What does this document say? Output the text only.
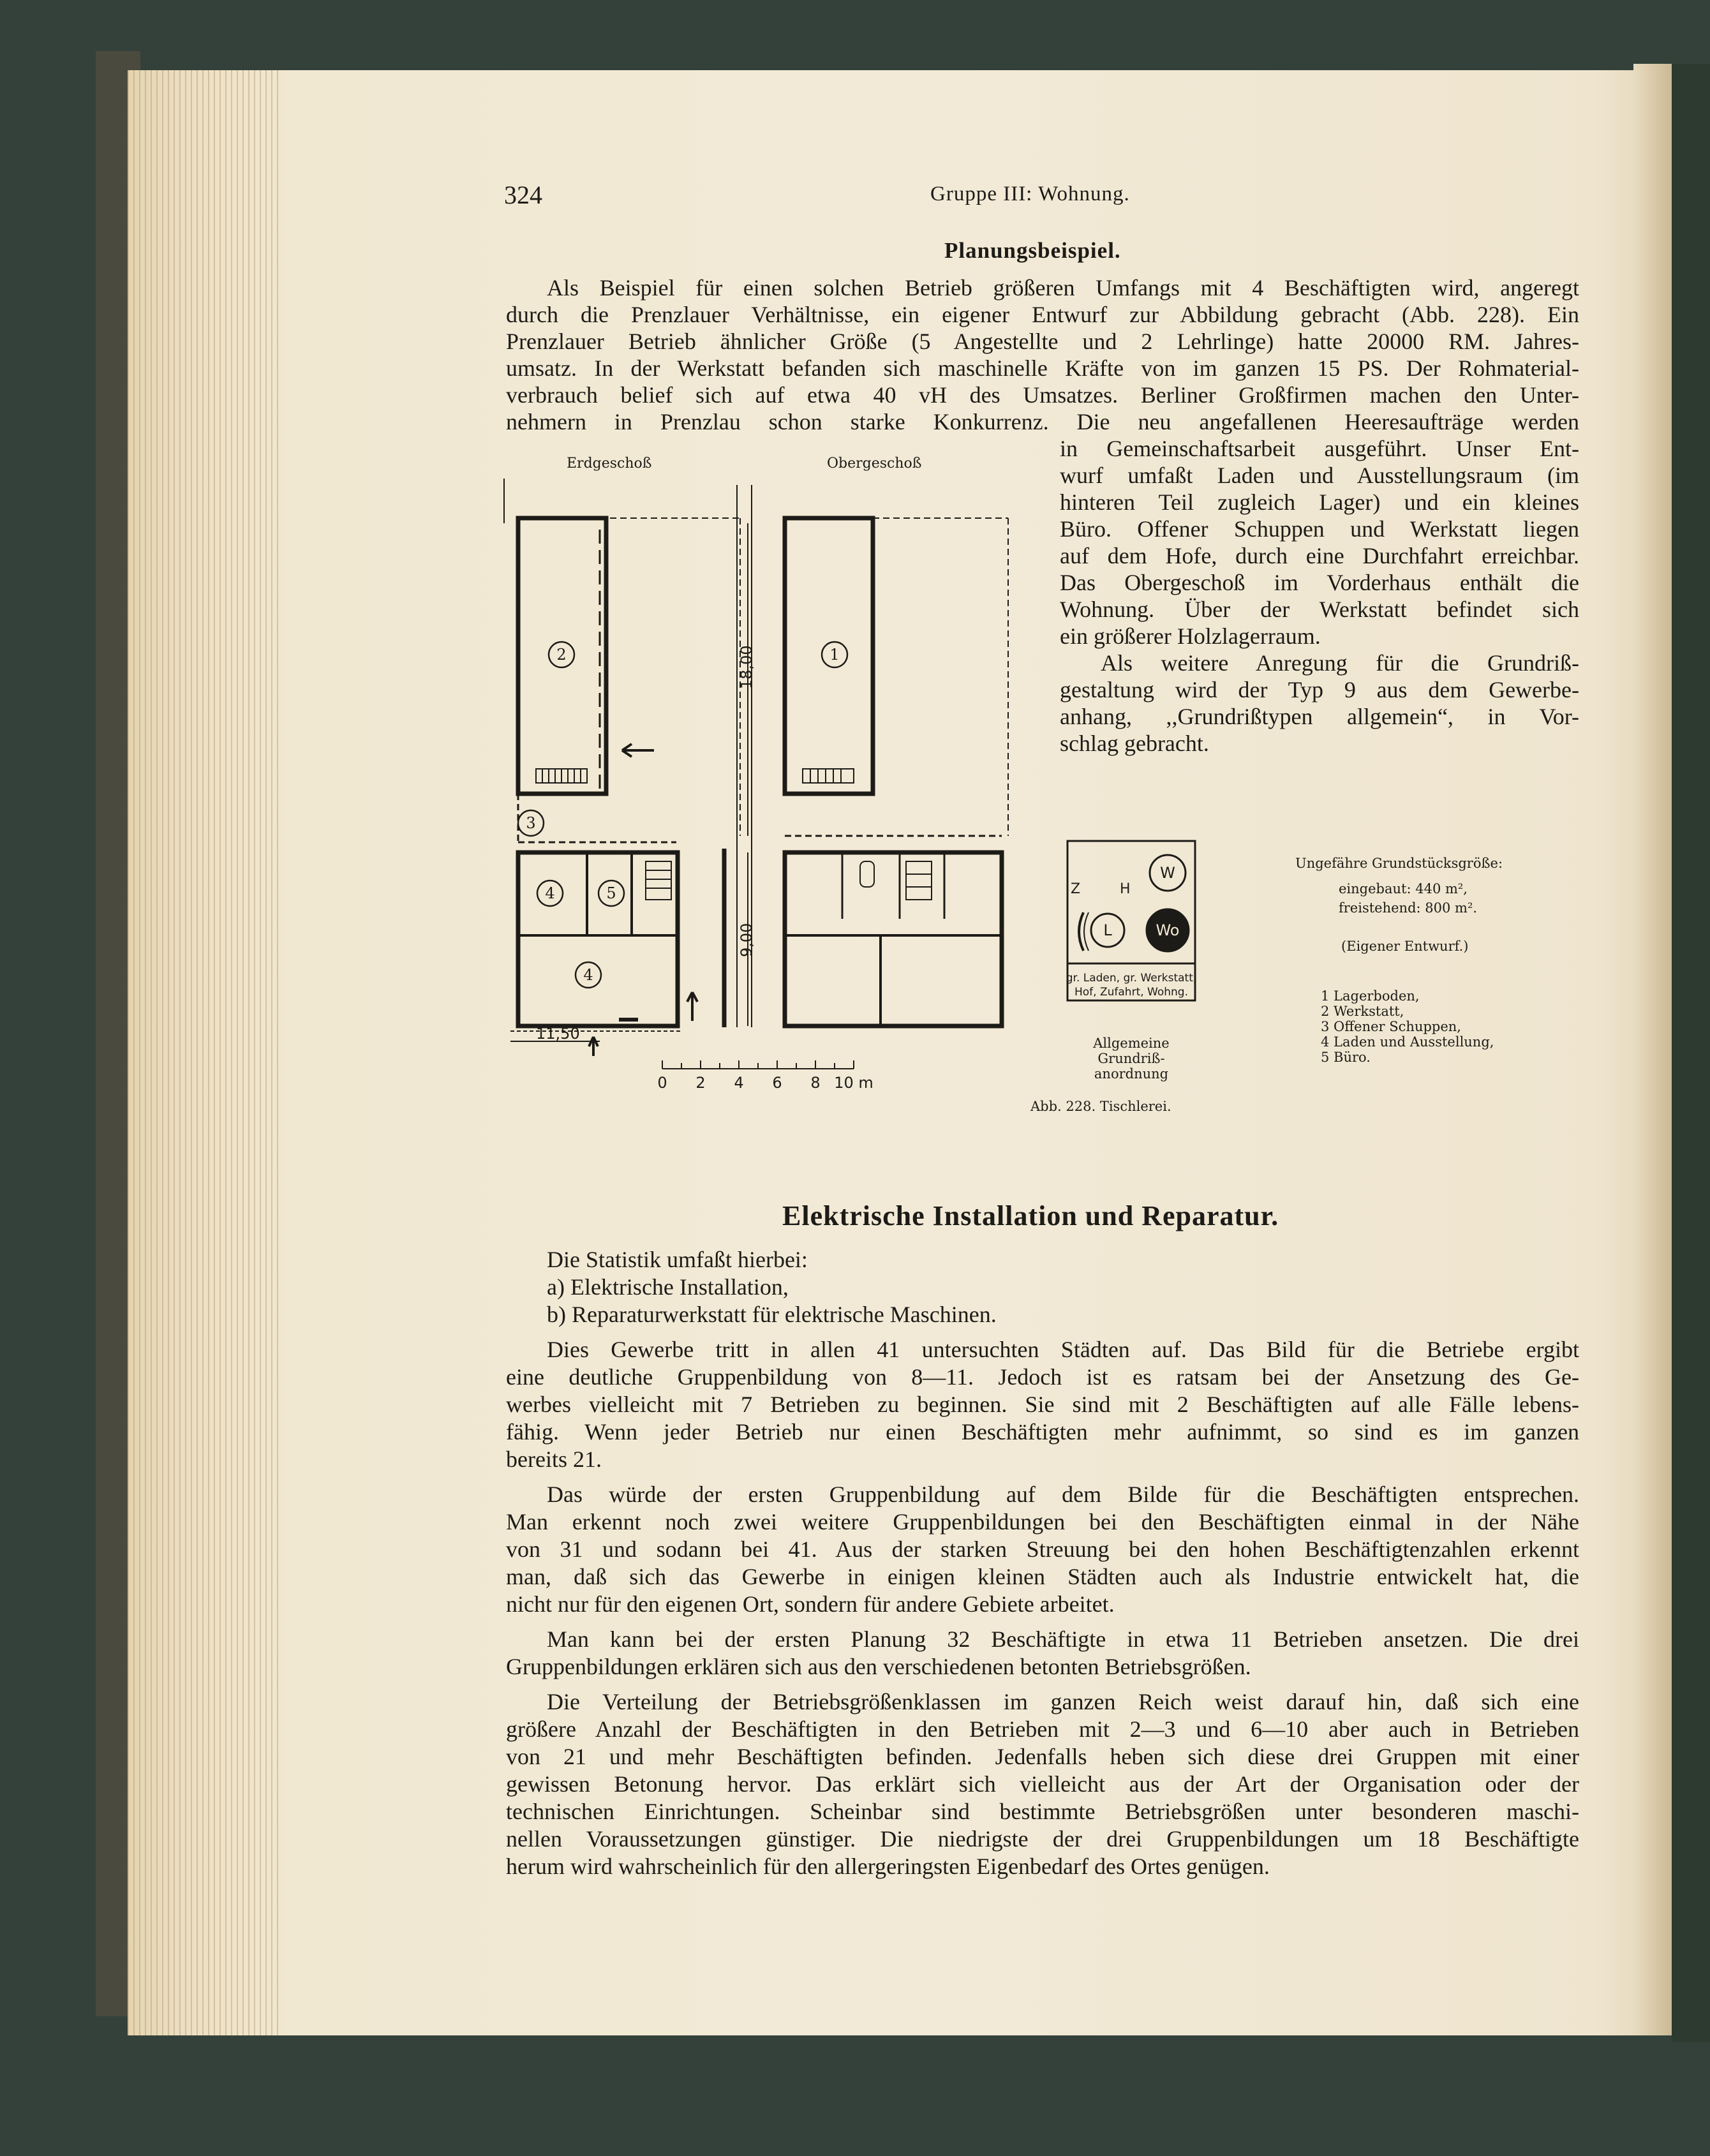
324	Gruppe III: Wohnung.
Planungsbeispiel.

Als Beispiel für einen solchen Betrieb größeren Umfangs mit 4 Beschäftigten wird, angeregt

durch die Prenzlauer Verhältnisse, ein eigener Entwurf zur Abbildung gebracht (Abb. 228). Ein

Prenzlauer Betrieb ähnlicher Größe (5 Angestellte und 2 Lehrlinge) hatte 20000 RM. Jahres-

umsatz. In der Werkstatt befanden sich maschinelle Kräfte von im ganzen 15 PS. Der Rohmaterial-

verbrauch belief sich auf etwa 40 vH des Umsatzes. Berliner Großfirmen machen den Unter-

nehmern in Prenzlau schon starke Konkurrenz. Die neu angefallenen Heeresaufträge werden

in Gemeinschaftsarbeit ausgeführt. Unser Ent-

wurf umfaßt Laden und Ausstellungsraum (im

hinteren Teil zugleich Lager) und ein kleines

Büro. Offener Schuppen und Werkstatt liegen

auf dem Hofe, durch eine Durchfahrt erreichbar.

Das Obergeschoß im Vorderhaus enthält die

Wohnung. Über der Werkstatt befindet sich

ein größerer Holzlagerraum.

Als weitere Anregung für die Grundriß-

gestaltung wird der Typ 9 aus dem Gewerbe-

anhang, ,,Grundrißtypen allgemein“, in Vor-

schlag gebracht.

Erdgeschoß	Obergeschoß
2
3
4	5
4
1
18,00
9,00
11,50
0 2 4 6 8 10 m
Z	H
W
L	Wo
gr. Laden, gr. Werkstatt,
Hof, Zufahrt, Wohng.
Allgemeine
Grundriß-
anordnung
Ungefähre Grundstücksgröße:
eingebaut: 440 m²,
freistehend: 800 m².
(Eigener Entwurf.)
1 Lagerboden,
2 Werkstatt,
3 Offener Schuppen,
4 Laden und Ausstellung,
5 Büro.
Abb. 228. Tischlerei.
Elektrische Installation und Reparatur.

Die Statistik umfaßt hierbei:

a) Elektrische Installation,

b) Reparaturwerkstatt für elektrische Maschinen.

Dies Gewerbe tritt in allen 41 untersuchten Städten auf. Das Bild für die Betriebe ergibt

eine deutliche Gruppenbildung von 8—11. Jedoch ist es ratsam bei der Ansetzung des Ge-

werbes vielleicht mit 7 Betrieben zu beginnen. Sie sind mit 2 Beschäftigten auf alle Fälle lebens-

fähig. Wenn jeder Betrieb nur einen Beschäftigten mehr aufnimmt, so sind es im ganzen

bereits 21.

Das würde der ersten Gruppenbildung auf dem Bilde für die Beschäftigten entsprechen.

Man erkennt noch zwei weitere Gruppenbildungen bei den Beschäftigten einmal in der Nähe

von 31 und sodann bei 41. Aus der starken Streuung bei den hohen Beschäftigtenzahlen erkennt

man, daß sich das Gewerbe in einigen kleinen Städten auch als Industrie entwickelt hat, die

nicht nur für den eigenen Ort, sondern für andere Gebiete arbeitet.

Man kann bei der ersten Planung 32 Beschäftigte in etwa 11 Betrieben ansetzen. Die drei

Gruppenbildungen erklären sich aus den verschiedenen betonten Betriebsgrößen.

Die Verteilung der Betriebsgrößenklassen im ganzen Reich weist darauf hin, daß sich eine

größere Anzahl der Beschäftigten in den Betrieben mit 2—3 und 6—10 aber auch in Betrieben

von 21 und mehr Beschäftigten befinden. Jedenfalls heben sich diese drei Gruppen mit einer

gewissen Betonung hervor. Das erklärt sich vielleicht aus der Art der Organisation oder der

technischen Einrichtungen. Scheinbar sind bestimmte Betriebsgrößen unter besonderen maschi-

nellen Voraussetzungen günstiger. Die niedrigste der drei Gruppenbildungen um 18 Beschäftigte

herum wird wahrscheinlich für den allergeringsten Eigenbedarf des Ortes genügen.
